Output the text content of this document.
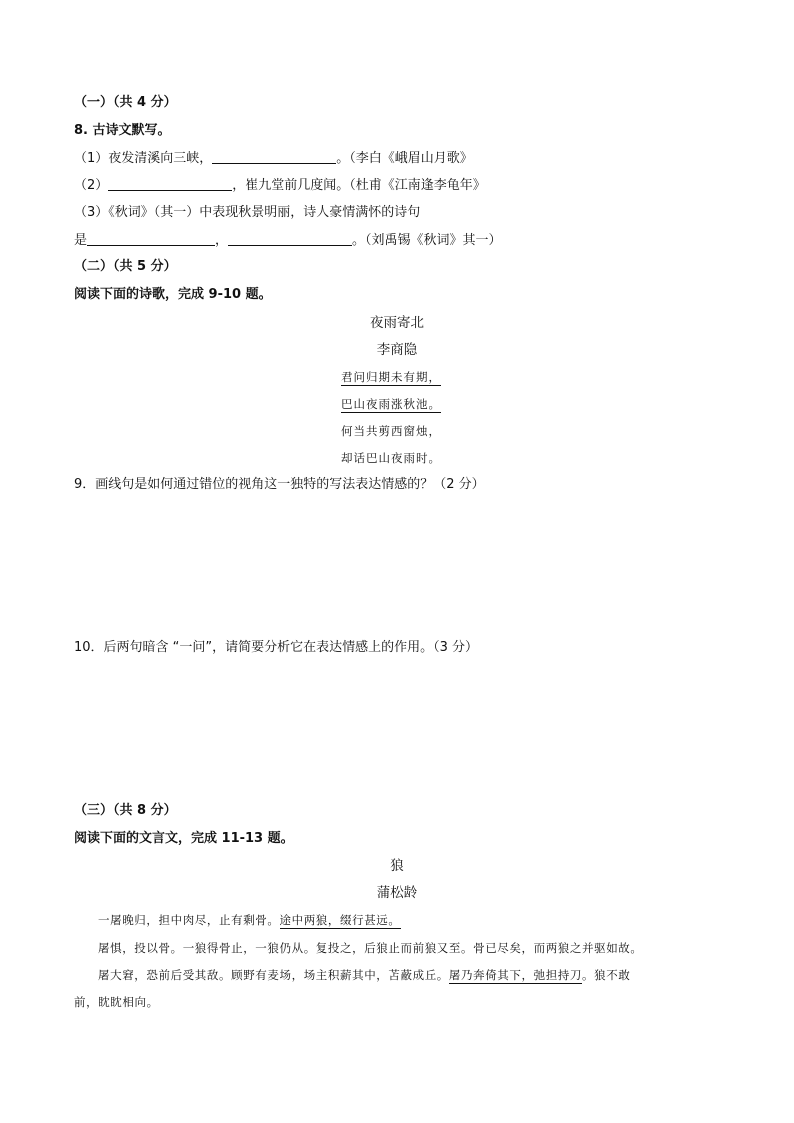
（一）（共 4 分）
8. 古诗文默写。
（1）夜发清溪向三峡，	。（李白《峨眉山月歌》
（2）	，崔九堂前几度闻。（杜甫《江南逢李龟年》
（3）《秋词》（其一）中表现秋景明丽，诗人豪情满怀的诗句
是	，	。（刘禹锡《秋词》其一）
（二）（共 5 分）
阅读下面的诗歌，完成 9-10 题。
夜雨寄北
李商隐
君问归期未有期，
巴山夜雨涨秋池。
何当共剪西窗烛，
却话巴山夜雨时。
9．画线句是如何通过错位的视角这一独特的写法表达情感的？（2 分）
10．后两句暗含 “一问”，请简要分析它在表达情感上的作用。（3 分）
（三）（共 8 分）
阅读下面的文言文，完成 11-13 题。
狼
蒲松龄
一屠晚归，担中肉尽，止有剩骨。途中两狼，缀行甚远。
屠惧，投以骨。一狼得骨止，一狼仍从。复投之，后狼止而前狼又至。骨已尽矣，而两狼之并驱如故。
屠大窘，恐前后受其敌。顾野有麦场，场主积薪其中，苫蔽成丘。屠乃奔倚其下，弛担持刀。狼不敢
前，眈眈相向。
